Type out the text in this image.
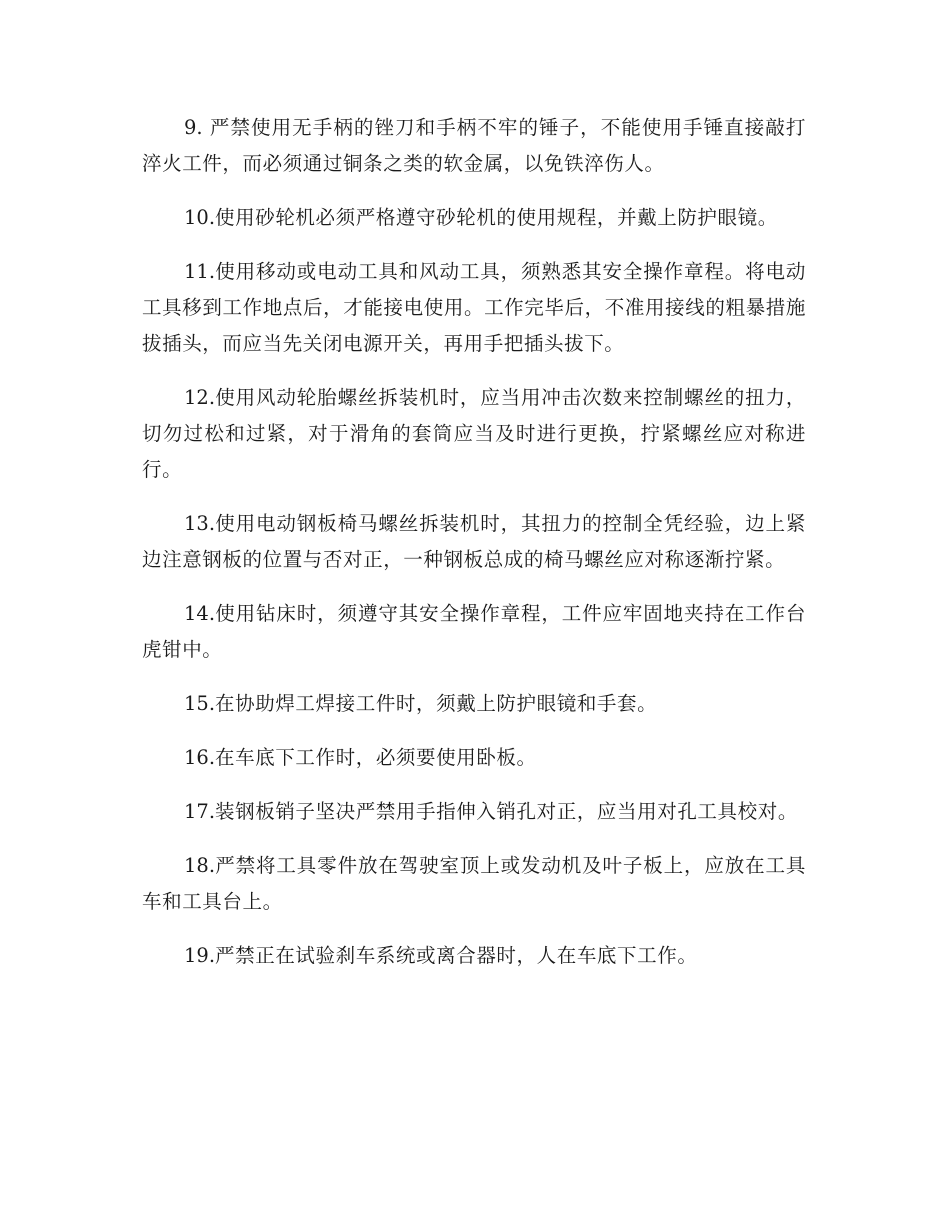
9. 严禁使用无手柄的锉刀和手柄不牢的锤子，不能使用手锤直接敲打淬火工件，而必须通过铜条之类的软金属，以免铁淬伤人。

10.使用砂轮机必须严格遵守砂轮机的使用规程，并戴上防护眼镜。

11.使用移动或电动工具和风动工具，须熟悉其安全操作章程。将电动工具移到工作地点后，才能接电使用。工作完毕后，不准用接线的粗暴措施拔插头，而应当先关闭电源开关，再用手把插头拔下。

12.使用风动轮胎螺丝拆装机时，应当用冲击次数来控制螺丝的扭力，切勿过松和过紧，对于滑角的套筒应当及时进行更换，拧紧螺丝应对称进行。

13.使用电动钢板椅马螺丝拆装机时，其扭力的控制全凭经验，边上紧边注意钢板的位置与否对正，一种钢板总成的椅马螺丝应对称逐渐拧紧。

14.使用钻床时，须遵守其安全操作章程，工件应牢固地夹持在工作台虎钳中。

15.在协助焊工焊接工件时，须戴上防护眼镜和手套。

16.在车底下工作时，必须要使用卧板。

17.装钢板销子坚决严禁用手指伸入销孔对正，应当用对孔工具校对。

18.严禁将工具零件放在驾驶室顶上或发动机及叶子板上，应放在工具车和工具台上。

19.严禁正在试验刹车系统或离合器时，人在车底下工作。
